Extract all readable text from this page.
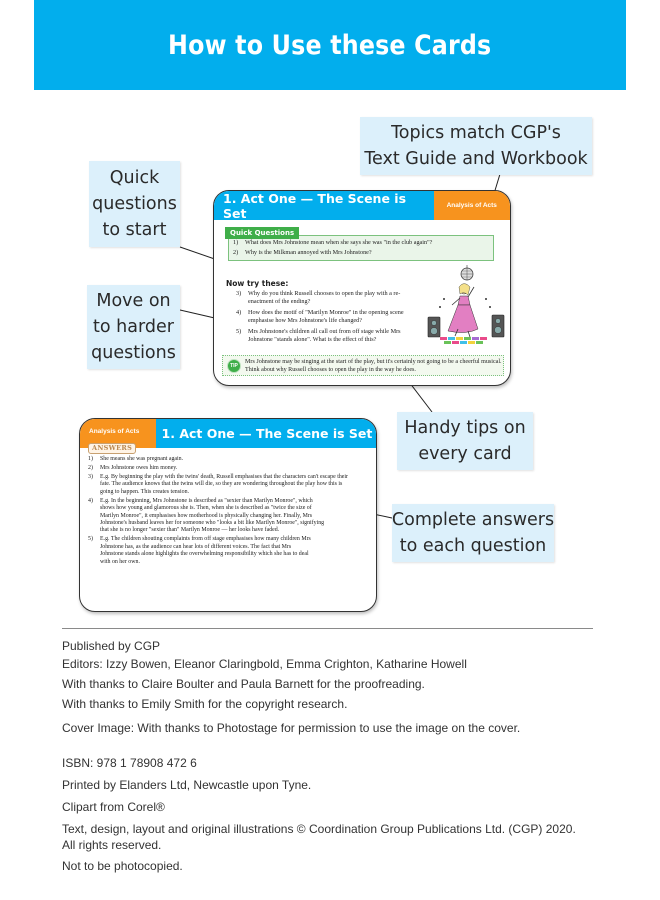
How to Use these Cards
Topics match CGP's
Text Guide and Workbook
Quick
questions
to start
Move on
to harder
questions
Handy tips on
every card
Complete answers
to each question
1. Act One — The Scene is Set	Analysis of Acts
1)	What does Mrs Johnstone mean when she says she was "in the club again"?
2)	Why is the Milkman annoyed with Mrs Johnstone?
Quick Questions
Now try these:
3)	Why do you think Russell chooses to open the play with a re-enactment of the ending?
4)	How does the motif of "Marilyn Monroe" in the opening scene emphasise how Mrs Johnstone's life changed?
5)	Mrs Johnstone's children all call out from off stage while Mrs Johnstone "stands alone". What is the effect of this?
TIP
Mrs Johnstone may be singing at the start of the play, but it's certainly not going to be a cheerful musical. Think about why Russell chooses to open the play in the way he does.
Analysis of Acts	1. Act One — The Scene is Set
ANSWERS
1)	She means she was pregnant again.
2)	Mrs Johnstone owes him money.
3)	E.g. By beginning the play with the twins' death, Russell emphasises that the characters can't escape their fate. The audience knows that the twins will die, so they are wondering throughout the play how this is going to happen. This creates tension.
4)	E.g. In the beginning, Mrs Johnstone is described as "sexier than Marilyn Monroe", which shows how young and glamorous she is. Then, when she is described as "twice the size of Marilyn Monroe", it emphasises how motherhood is physically changing her. Finally, Mrs Johnstone's husband leaves her for someone who "looks a bit like Marilyn Monroe", signifying that she is no longer "sexier than" Marilyn Monroe — her looks have faded.
5)	E.g. The children shouting complaints from off stage emphasises how many children Mrs Johnstone has, as the audience can hear lots of different voices. The fact that Mrs Johnstone stands alone highlights the overwhelming responsibility which she has to deal with on her own.
Published by CGP
Editors: Izzy Bowen, Eleanor Claringbold, Emma Crighton, Katharine Howell
With thanks to Claire Boulter and Paula Barnett for the proofreading.
With thanks to Emily Smith for the copyright research.
Cover Image: With thanks to Photostage for permission to use the image on the cover.
ISBN: 978 1 78908 472 6
Printed by Elanders Ltd, Newcastle upon Tyne.
Clipart from Corel®
Text, design, layout and original illustrations © Coordination Group Publications Ltd. (CGP) 2020.
All rights reserved.
Not to be photocopied.
